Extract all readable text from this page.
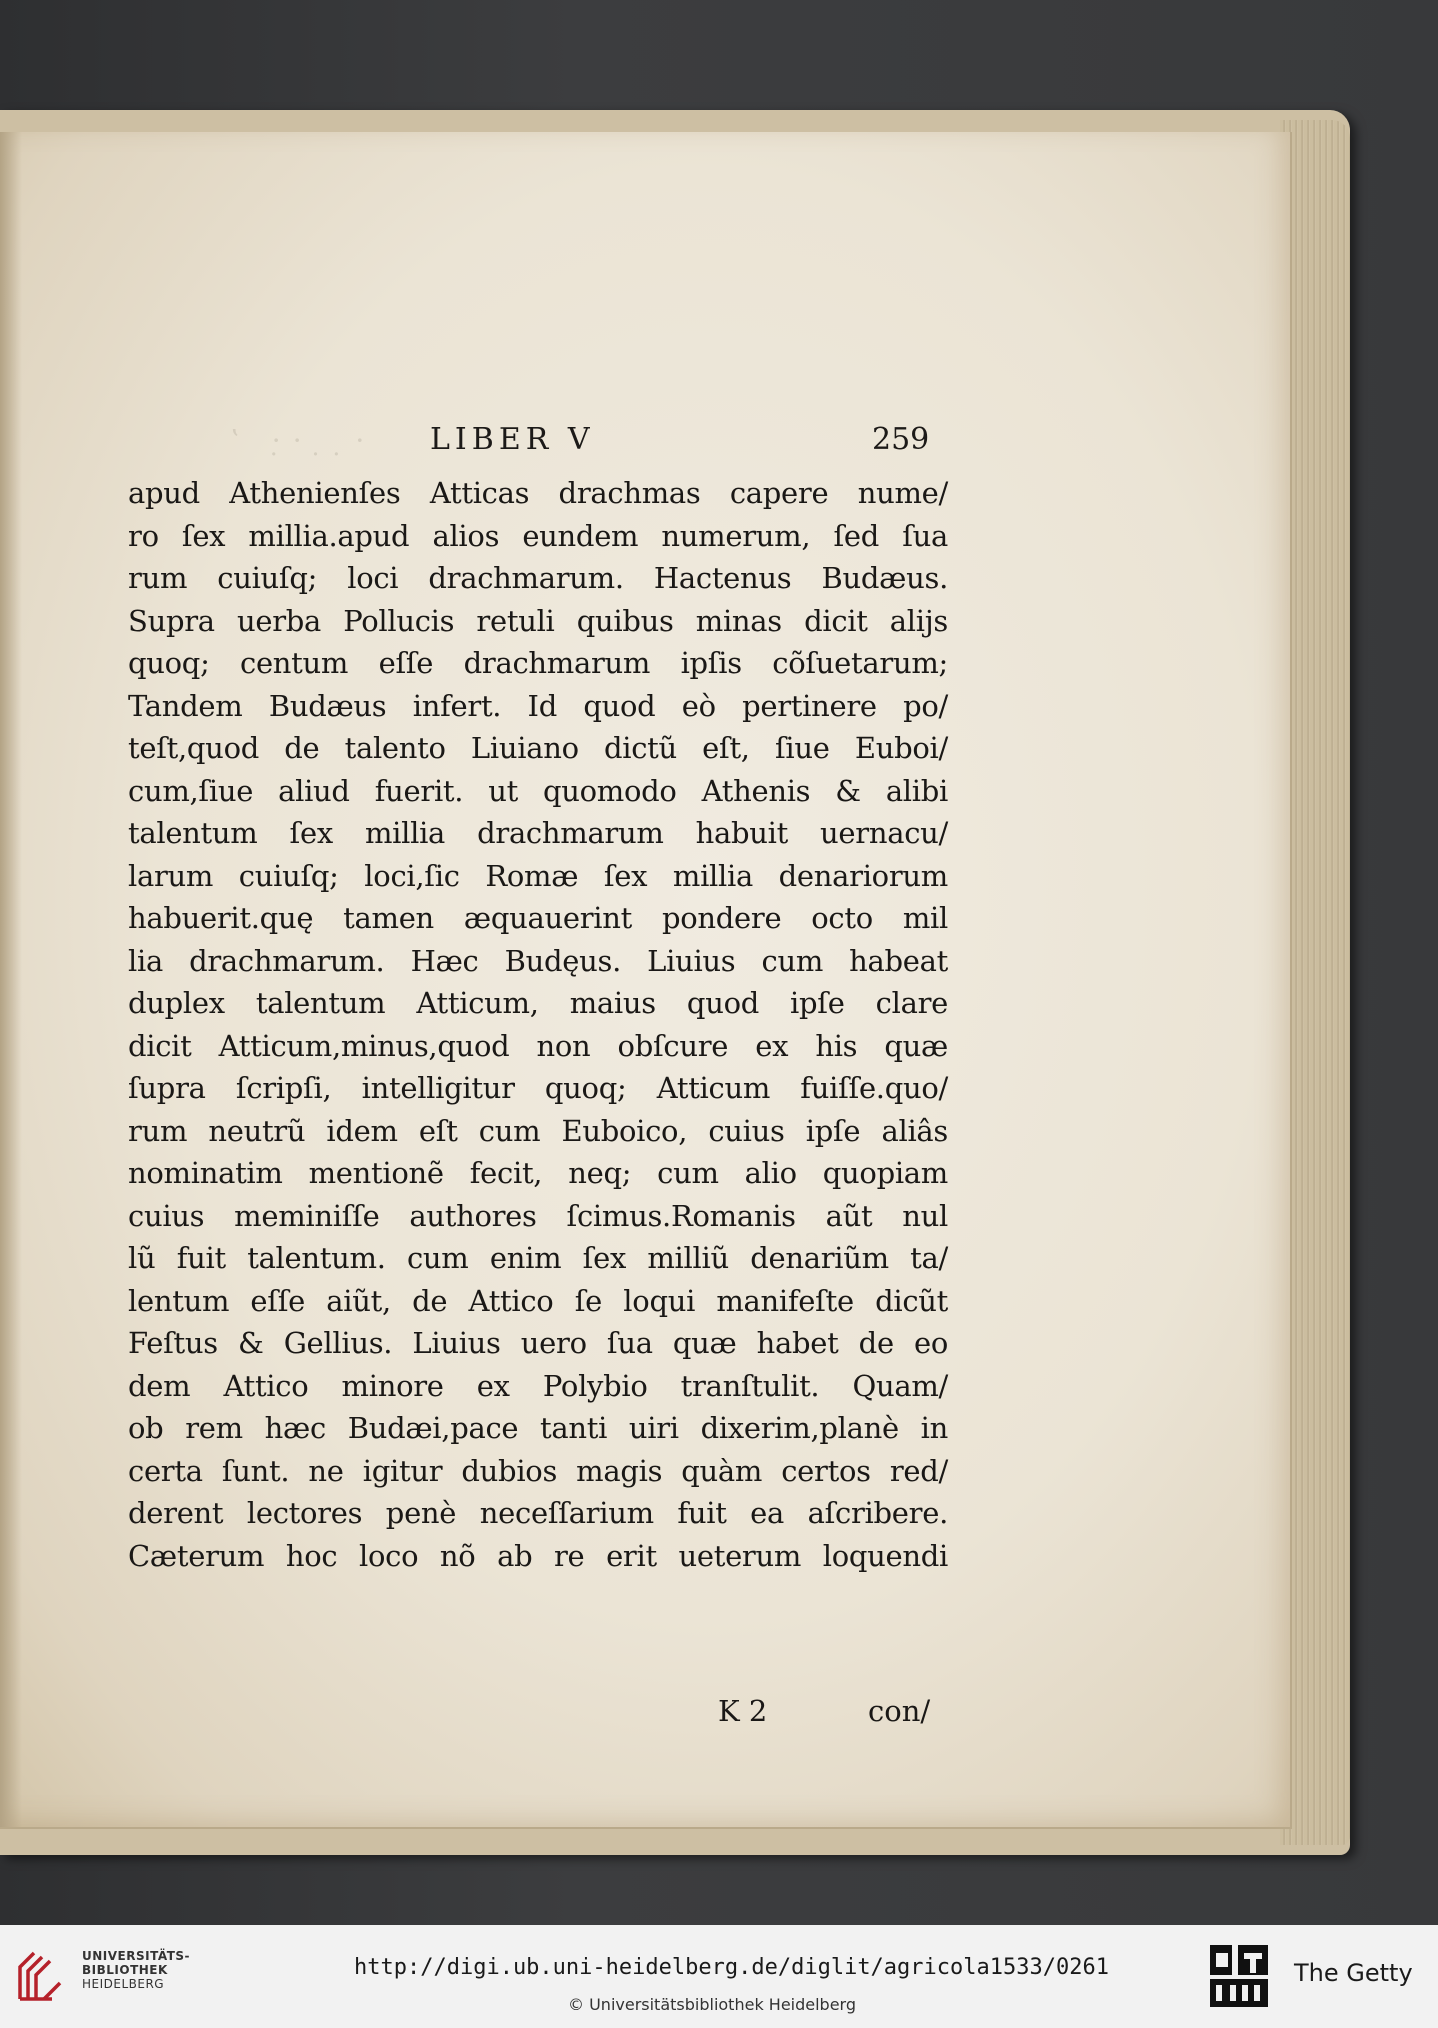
ʽ ·̣· ̣ ̣·	LIBER V	259
apud Athenienſes Atticas drachmas capere nume/
ro ſex millia.apud alios eundem numerum, ſed ſua
rum cuiuſq; loci drachmarum. Hactenus Budæus.
Supra uerba Pollucis retuli quibus minas dicit alijs
quoq; centum eſſe drachmarum ipſis cõſuetarum;
Tandem Budæus infert. Id quod eò pertinere po/
teſt,quod de talento Liuiano dictũ eſt, ſiue Euboi/
cum,ſiue aliud fuerit. ut quomodo Athenis & alibi
talentum ſex millia drachmarum habuit uernacu/
larum cuiuſq; loci,ſic Romæ ſex millia denariorum
habuerit.quę tamen æquauerint pondere octo mil
lia drachmarum. Hæc Budęus. Liuius cum habeat
duplex talentum Atticum, maius quod ipſe clare
dicit Atticum,minus,quod non obſcure ex his quæ
ſupra ſcripſi, intelligitur quoq; Atticum fuiſſe.quo/
rum neutrũ idem eſt cum Euboico, cuius ipſe aliâs
nominatim mentionẽ fecit, neq; cum alio quopiam
cuius meminiſſe authores ſcimus.Romanis aũt nul
lũ fuit talentum. cum enim ſex milliũ denariũm ta/
lentum eſſe aiũt, de Attico ſe loqui manifeſte dicũt
Feſtus & Gellius. Liuius uero ſua quæ habet de eo
dem Attico minore ex Polybio tranſtulit. Quam/
ob rem hæc Budæi,pace tanti uiri dixerim,planè in
certa ſunt. ne igitur dubios magis quàm certos red/
derent lectores penè neceſſarium fuit ea aſcribere.
Cæterum hoc loco nõ ab re erit ueterum loquendi
K 2	con/
UNIVERSITÄTS-
BIBLIOTHEK
HEIDELBERG
http://digi.ub.uni-heidelberg.de/diglit/agricola1533/0261
© Universitätsbibliothek Heidelberg
The Getty
